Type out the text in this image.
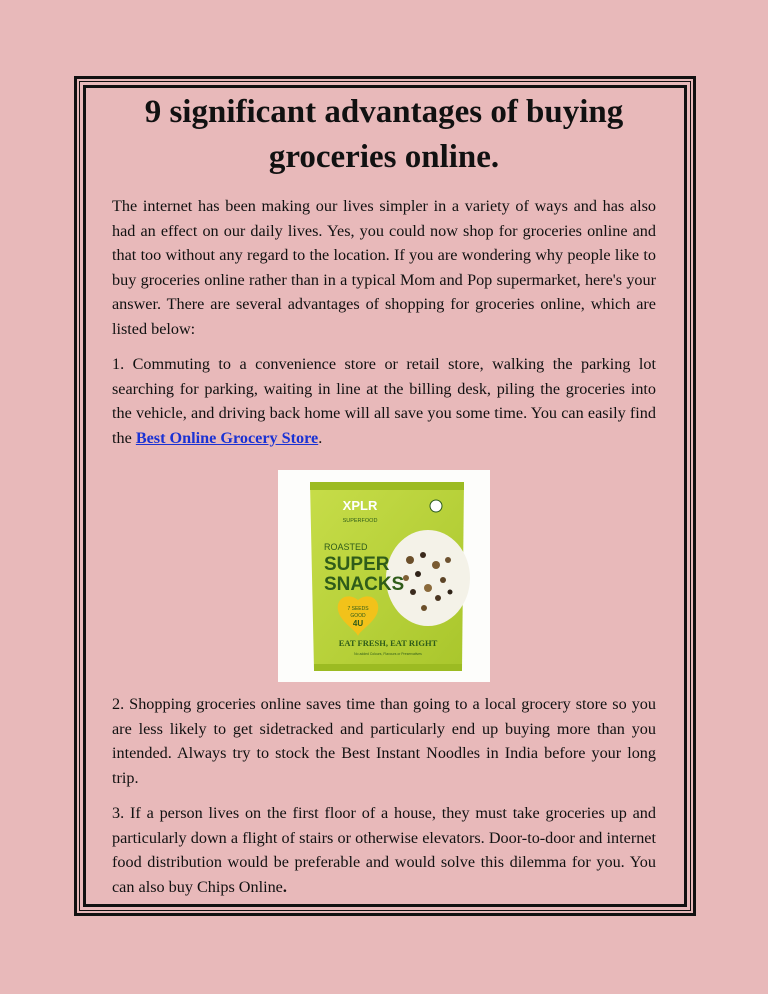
9 significant advantages of buying groceries online.

The internet has been making our lives simpler in a variety of ways and has also had an effect on our daily lives. Yes, you could now shop for groceries online and that too without any regard to the location. If you are wondering why people like to buy groceries online rather than in a typical Mom and Pop supermarket, here's your answer. There are several advantages of shopping for groceries online, which are listed below:

1. Commuting to a convenience store or retail store, walking the parking lot searching for parking, waiting in line at the billing desk, piling the groceries into the vehicle, and driving back home will all save you some time. You can easily find the Best Online Grocery Store.

XPLR
SUPERFOOD
ROASTED
SUPER
SNACKS
7 SEEDS
GOOD
4U
EAT FRESH, EAT RIGHT
No added Colours, Flavours or Preservatives

2. Shopping groceries online saves time than going to a local grocery store so you are less likely to get sidetracked and particularly end up buying more than you intended. Always try to stock the Best Instant Noodles in India before your long trip.

3. If a person lives on the first floor of a house, they must take groceries up and particularly down a flight of stairs or otherwise elevators. Door-to-door and internet food distribution would be preferable and would solve this dilemma for you. You can also buy Chips Online.
